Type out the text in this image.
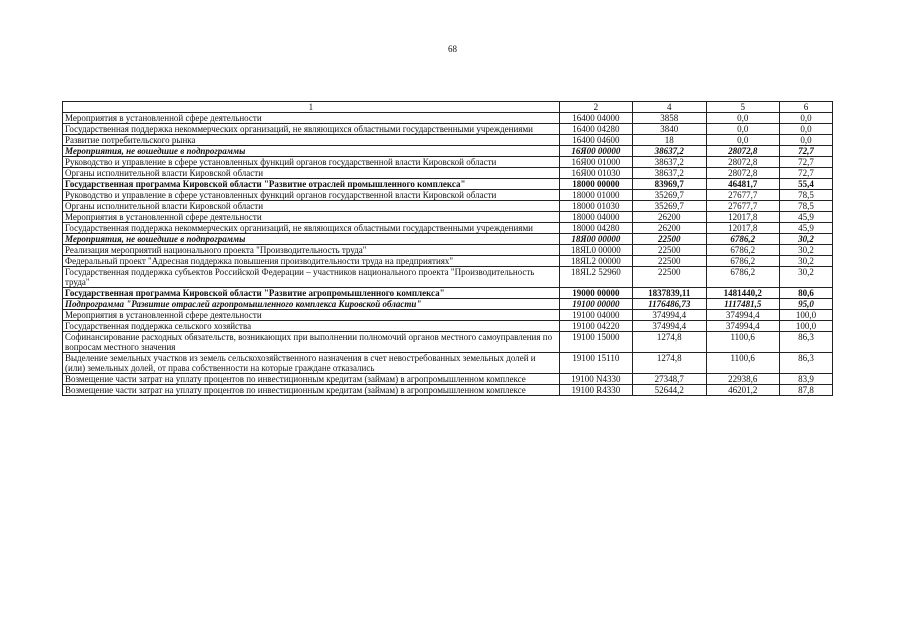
68
1	2	4	5	6
Мероприятия в установленной сфере деятельности	16400 04000	3858	0,0	0,0
Государственная поддержка некоммерческих организаций, не являющихся областными государственными учреждениями	16400 04280	3840	0,0	0,0
Развитие потребительского рынка	16400 04600	18	0,0	0,0
Мероприятия, не вошедшие в подпрограммы	16Я00 00000	38637,2	28072,8	72,7
Руководство и управление в сфере установленных функций органов государственной власти Кировской области	16Я00 01000	38637,2	28072,8	72,7
Органы исполнительной власти Кировской области	16Я00 01030	38637,2	28072,8	72,7
Государственная программа Кировской области "Развитие отраслей промышленного комплекса"	18000 00000	83969,7	46481,7	55,4
Руководство и управление в сфере установленных функций органов государственной власти Кировской области	18000 01000	35269,7	27677,7	78,5
Органы исполнительной власти Кировской области	18000 01030	35269,7	27677,7	78,5
Мероприятия в установленной сфере деятельности	18000 04000	26200	12017,8	45,9
Государственная поддержка некоммерческих организаций, не являющихся областными государственными учреждениями	18000 04280	26200	12017,8	45,9
Мероприятия, не вошедшие в подпрограммы	18Я00 00000	22500	6786,2	30,2
Реализация мероприятий национального проекта "Производительность труда"	18ЯL0 00000	22500	6786,2	30,2
Федеральный проект "Адресная поддержка повышения производительности труда на предприятиях"	18ЯL2 00000	22500	6786,2	30,2
Государственная поддержка субъектов Российской Федерации – участников национального проекта "Производительность труда"	18ЯL2 52960	22500	6786,2	30,2
Государственная программа Кировской области "Развитие агропромышленного комплекса"	19000 00000	1837839,11	1481440,2	80,6
Подпрограмма "Развитие отраслей агропромышленного комплекса Кировской области"	19100 00000	1176486,73	1117481,5	95,0
Мероприятия в установленной сфере деятельности	19100 04000	374994,4	374994,4	100,0
Государственная поддержка сельского хозяйства	19100 04220	374994,4	374994,4	100,0
Софинансирование расходных обязательств, возникающих при выполнении полномочий органов местного самоуправления по вопросам местного значения	19100 15000	1274,8	1100,6	86,3
Выделение земельных участков из земель сельскохозяйственного назначения в счет невостребованных земельных долей и (или) земельных долей, от права собственности на которые граждане отказались	19100 15110	1274,8	1100,6	86,3
Возмещение части затрат на уплату процентов по инвестиционным кредитам (займам) в агропромышленном комплексе	19100 N4330	27348,7	22938,6	83,9
Возмещение части затрат на уплату процентов по инвестиционным кредитам (займам) в агропромышленном комплексе	19100 R4330	52644,2	46201,2	87,8
